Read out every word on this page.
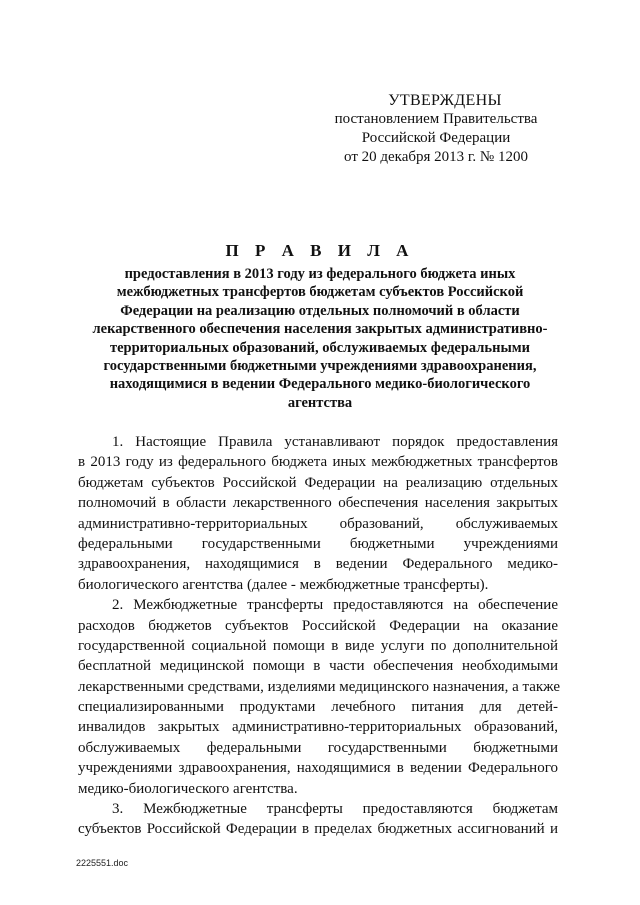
УТВЕРЖДЕНЫ
постановлением Правительства
Российской Федерации
от 20 декабря 2013 г. № 1200
П Р А В И Л А
предоставления в 2013 году из федерального бюджета иных
межбюджетных трансфертов бюджетам субъектов Российской
Федерации на реализацию отдельных полномочий в области
лекарственного обеспечения населения закрытых административно-
территориальных образований, обслуживаемых федеральными
государственными бюджетными учреждениями здравоохранения,
находящимися в ведении Федерального медико-биологического
агентства
1. Настоящие Правила устанавливают порядок предоставления
в 2013 году из федерального бюджета иных межбюджетных трансфертов
бюджетам субъектов Российской Федерации на реализацию отдельных
полномочий в области лекарственного обеспечения населения закрытых
административно-территориальных образований, обслуживаемых
федеральными государственными бюджетными учреждениями
здравоохранения, находящимися в ведении Федерального медико-
биологического агентства (далее - межбюджетные трансферты).
2. Межбюджетные трансферты предоставляются на обеспечение
расходов бюджетов субъектов Российской Федерации на оказание
государственной социальной помощи в виде услуги по дополнительной
бесплатной медицинской помощи в части обеспечения необходимыми
лекарственными средствами, изделиями медицинского назначения, а также
специализированными продуктами лечебного питания для детей-
инвалидов закрытых административно-территориальных образований,
обслуживаемых федеральными государственными бюджетными
учреждениями здравоохранения, находящимися в ведении Федерального
медико-биологического агентства.
3. Межбюджетные трансферты предоставляются бюджетам
субъектов Российской Федерации в пределах бюджетных ассигнований и
2225551.doc
